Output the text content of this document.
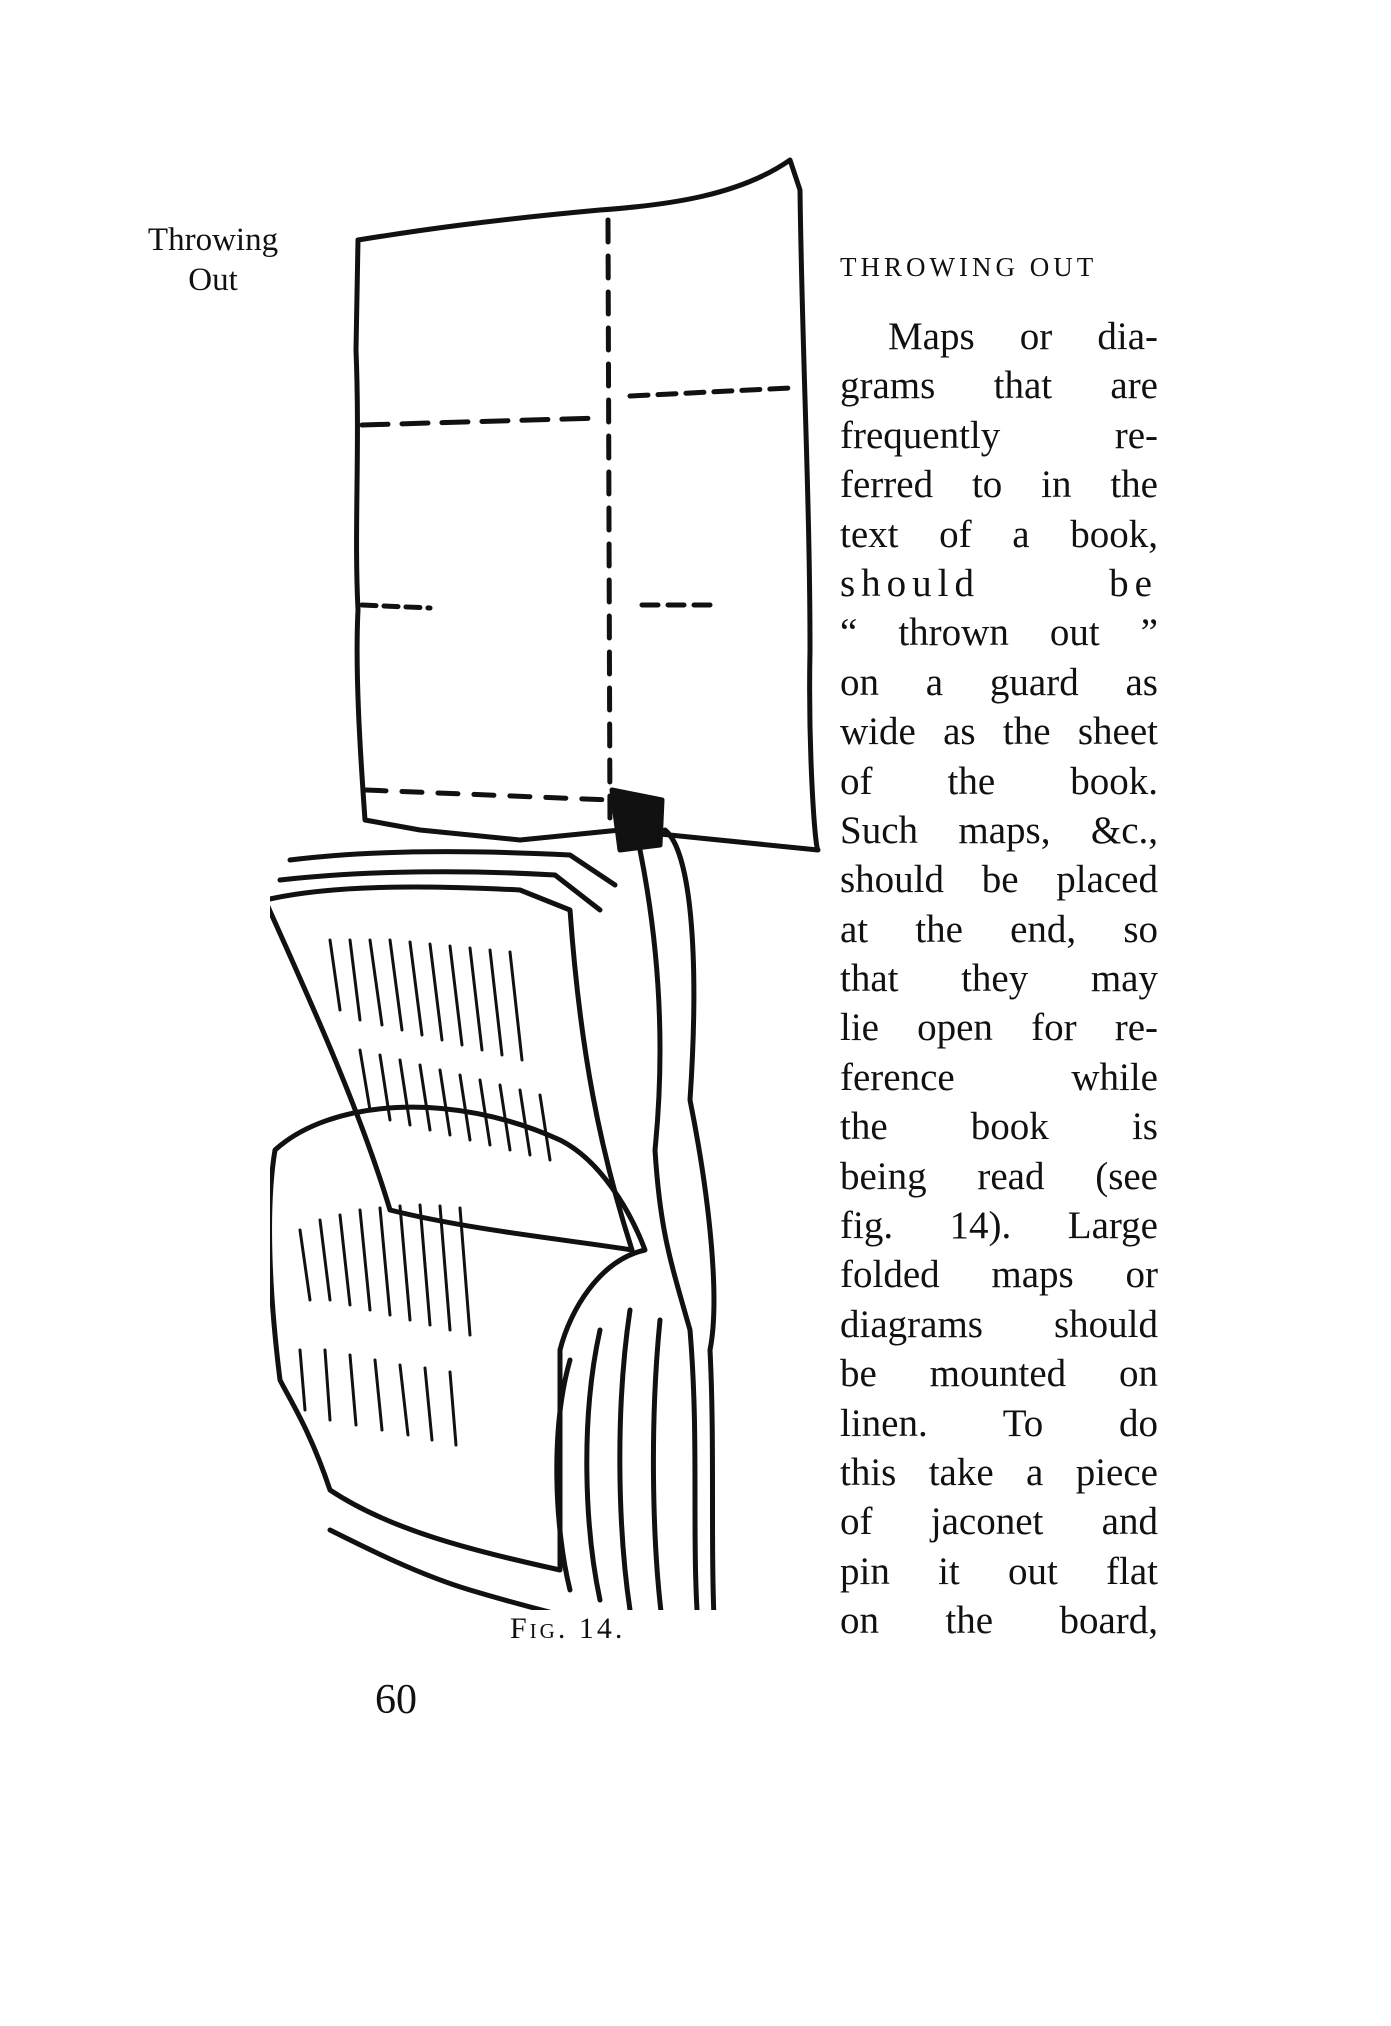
Throwing
Out
Fig. 14.
60
THROWING OUT
Maps or dia-
grams that are
frequently re-
ferred to in the
text of a book,
should be
“ thrown out ”
on a guard as
wide as the sheet
of the book.
Such maps, &c.,
should be placed
at the end, so
that they may
lie open for re-
ference while
the book is
being read (see
fig. 14). Large
folded maps or
diagrams should
be mounted on
linen. To do
this take a piece
of jaconet and
pin it out flat
on the board,
